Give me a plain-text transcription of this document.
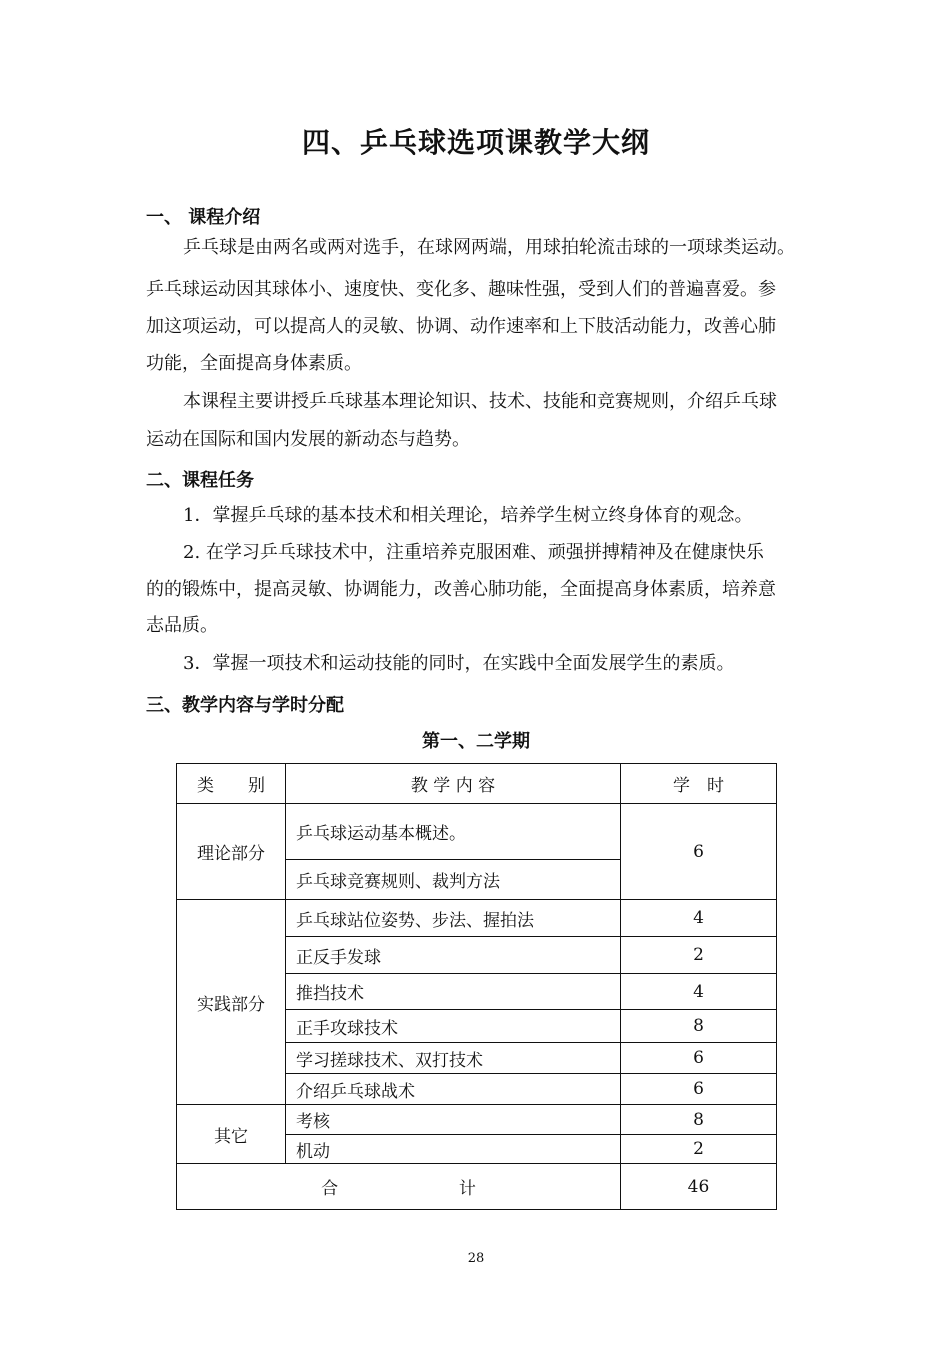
四、乒乓球选项课教学大纲
一、 课程介绍
乒乓球是由两名或两对选手，在球网两端，用球拍轮流击球的一项球类运动。
乒乓球运动因其球体小、速度快、变化多、趣味性强，受到人们的普遍喜爱。参
加这项运动，可以提高人的灵敏、协调、动作速率和上下肢活动能力，改善心肺
功能，全面提高身体素质。
本课程主要讲授乒乓球基本理论知识、技术、技能和竞赛规则，介绍乒乓球
运动在国际和国内发展的新动态与趋势。
二、课程任务
1．掌握乒乓球的基本技术和相关理论，培养学生树立终身体育的观念。
2. 在学习乒乓球技术中，注重培养克服困难、顽强拼搏精神及在健康快乐
的的锻炼中，提高灵敏、协调能力，改善心肺功能，全面提高身体素质，培养意
志品质。
3．掌握一项技术和运动技能的同时，在实践中全面发展学生的素质。
三、教学内容与学时分配
第一、二学期
类　　别	教 学 内 容	学　时
理论部分	乒乓球运动基本概述。	6
	乒乓球竞赛规则、裁判方法	
实践部分	乒乓球站位姿势、步法、握拍法	4
	正反手发球	2
	推挡技术	4
	正手攻球技术	8
	学习搓球技术、双打技术	6
	介绍乒乓球战术	6
其它	考核	8
	机动	2
合 计		46
28
